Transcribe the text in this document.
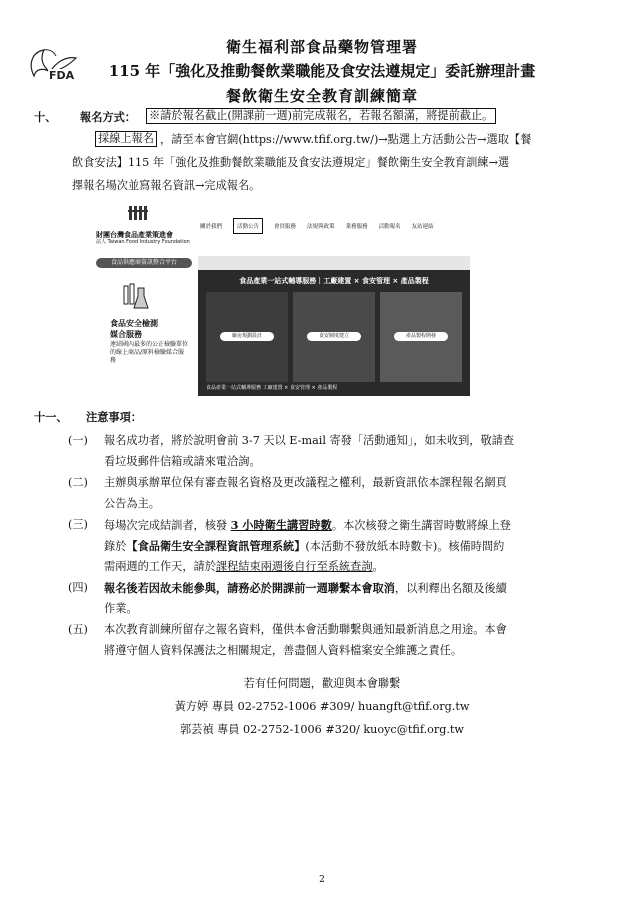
FDA
衛生福利部食品藥物管理署
115 年「強化及推動餐飲業職能及食安法遵規定」委託辦理計畫
餐飲衛生安全教育訓練簡章
十、 報名方式： ※請於報名截止(開課前一週)前完成報名，若報名額滿，將提前截止。
採線上報名 ，請至本會官網(https://www.tfif.org.tw/)→點選上方活動公告→選取【餐
飲食安法】115 年「強化及推動餐飲業職能及食安法遵規定」餐飲衛生安全教育訓練→選
擇報名場次並寫報名資訊→完成報名。
財團台灣食品產業策進會
法人 Taiwan Food Industry Foundation
食品供應商資訊整合平台
食品安全檢測
媒合服務
連結國內最多的公正檢驗單位的線上商品/原料檢驗媒合服務
關於我們	活動公告	會員服務 法規與政策 業務服務 活動報名 友站連結
食品產業一站式輔導服務｜工廠建置 × 食安管理 × 產品製程
廠房規劃設計	食安制度建立	產品製程開發
食品產業一站式輔導服務 工廠建置 × 食安管理 × 產品製程
十一、 注意事項：
(一) 報名成功者，將於說明會前 3-7 天以 E-mail 寄發「活動通知」，如未收到，敬請查
看垃圾郵件信箱或請來電洽詢。
(二) 主辦與承辦單位保有審查報名資格及更改議程之權利，最新資訊依本課程報名網頁
公告為主。
(三) 每場次完成結訓者，核發 3 小時衛生講習時數。本次核發之衛生講習時數將線上登
錄於【食品衛生安全課程資訊管理系統】(本活動不發放紙本時數卡)。核備時間約
需兩週的工作天，請於課程結束兩週後自行至系統查詢。
(四) 報名後若因故未能參與，請務必於開課前一週聯繫本會取消，以利釋出名額及後續
作業。
(五) 本次教育訓練所留存之報名資料，僅供本會活動聯繫與通知最新消息之用途。本會
將遵守個人資料保護法之相關規定，善盡個人資料檔案安全維護之責任。
若有任何問題，歡迎與本會聯繫
黃方婷 專員 02-2752-1006 #309/ huangft@tfif.org.tw
郭芸禎 專員 02-2752-1006 #320/ kuoyc@tfif.org.tw
2
